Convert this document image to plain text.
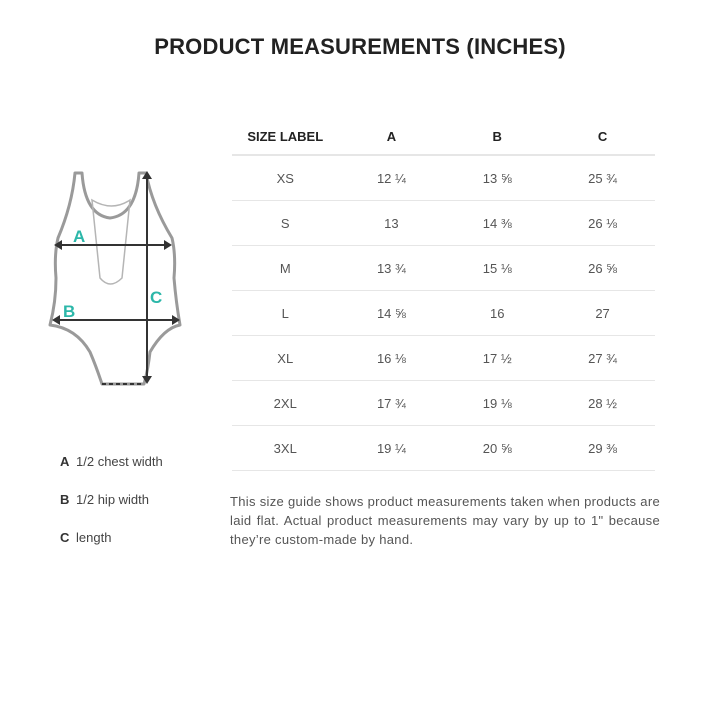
PRODUCT MEASUREMENTS (INCHES)
A
B
C
A 1/2 chest width
B 1/2 hip width
C length
SIZE LABEL	A	B	C
XS	12 ¼	13 ⅝	25 ¾
S	13	14 ⅜	26 ⅛
M	13 ¾	15 ⅛	26 ⅝
L	14 ⅝	16	27
XL	16 ⅛	17 ½	27 ¾
2XL	17 ¾	19 ⅛	28 ½
3XL	19 ¼	20 ⅝	29 ⅜
This size guide shows product measurements taken when products are laid flat. Actual product measurements may vary by up to 1" because they’re custom-made by hand.
